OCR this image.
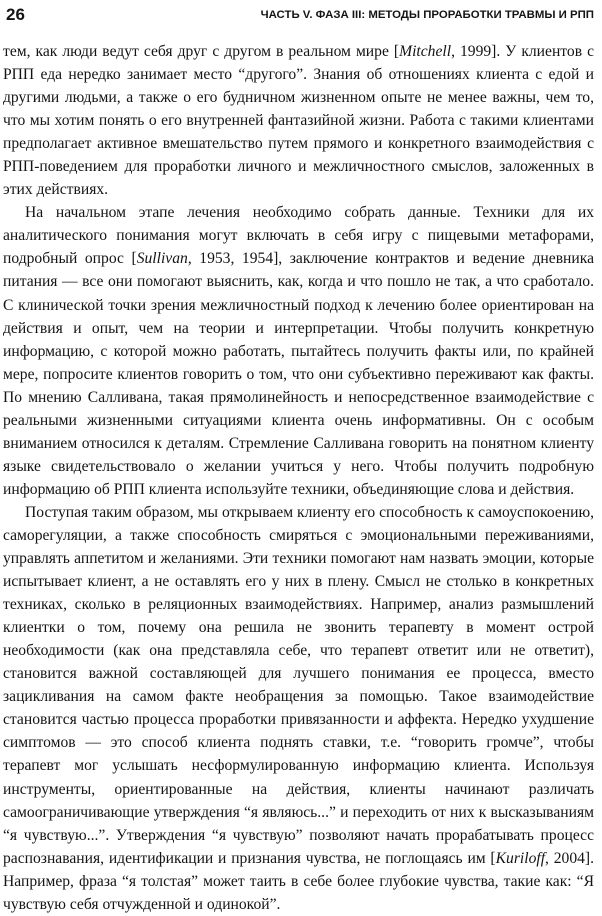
26	ЧАСТЬ V. ФАЗА III: МЕТОДЫ ПРОРАБОТКИ ТРАВМЫ И РПП

тем, как люди ведут себя друг с другом в реальном мире [Mitchell, 1999]. У клиентов с РПП еда нередко занимает место “другого”. Знания об отношениях клиента с едой и другими людьми, а также о его будничном жизненном опыте не менее важны, чем то, что мы хотим понять о его внутренней фантазийной жизни. Работа с такими клиентами предполагает активное вмешательство путем прямого и конкретного взаимодействия с РПП-поведением для проработки личного и межличностного смыслов, заложенных в этих действиях.

На начальном этапе лечения необходимо собрать данные. Техники для их аналитического понимания могут включать в себя игру с пищевыми метафорами, подробный опрос [Sullivan, 1953, 1954], заключение контрактов и ведение дневника питания — все они помогают выяснить, как, когда и что пошло не так, а что сработало. С клинической точки зрения межличностный подход к лечению более ориентирован на действия и опыт, чем на теории и интерпретации. Чтобы получить конкретную информацию, с которой можно работать, пытайтесь получить факты или, по крайней мере, попросите клиентов говорить о том, что они субъективно переживают как факты. По мнению Салливана, такая прямолинейность и непосредственное взаимодействие с реальными жизненными ситуациями клиента очень информативны. Он с особым вниманием относился к деталям. Стремление Салливана говорить на понятном клиенту языке свидетельствовало о желании учиться у него. Чтобы получить подробную информацию об РПП клиента используйте техники, объединяющие слова и действия.

Поступая таким образом, мы открываем клиенту его способность к самоуспокоению, саморегуляции, а также способность смиряться с эмоциональными переживаниями, управлять аппетитом и желаниями. Эти техники помогают нам назвать эмоции, которые испытывает клиент, а не оставлять его у них в плену. Смысл не столько в конкретных техниках, сколько в реляционных взаимодействиях. Например, анализ размышлений клиентки о том, почему она решила не звонить терапевту в момент острой необходимости (как она представляла себе, что терапевт ответит или не ответит), становится важной составляющей для лучшего понимания ее процесса, вместо зацикливания на самом факте необращения за помощью. Такое взаимодействие становится частью процесса проработки привязанности и аффекта. Нередко ухудшение симптомов — это способ клиента поднять ставки, т.е. “говорить громче”, чтобы терапевт мог услышать несформулированную информацию клиента. Используя инструменты, ориентированные на действия, клиенты начинают различать самоограничивающие утверждения “я являюсь...” и переходить от них к высказываниям “я чувствую...”. Утверждения “я чувствую” позволяют начать прорабатывать процесс распознавания, идентификации и признания чувства, не поглощаясь им [Kuriloff, 2004]. Например, фраза “я толстая” может таить в себе более глубокие чувства, такие как: “Я чувствую себя отчужденной и одинокой”.
